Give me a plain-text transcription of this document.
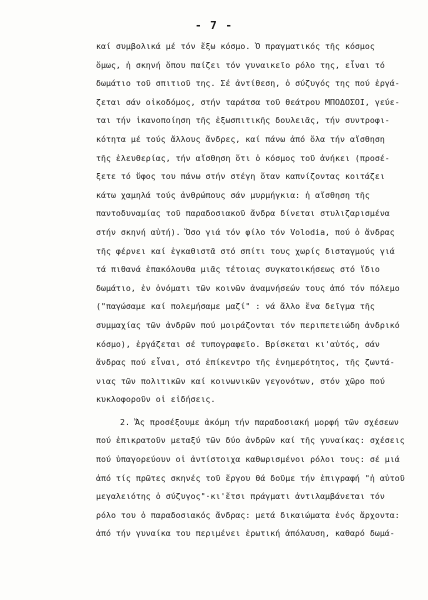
- 7 -
καί συμβολικά μέ τόν ἔξω κόσμο. Ὁ πραγματικός τῆς κόσμος
ὅμως, ἡ σκηνή ὅπου παίζει τόν γυναικεῖο ρόλο της, εἶναι τό
δωμάτιο τοῦ σπιτιοῦ της. Σέ ἀντίθεση, ὁ σύζυγός της πού ἐργά-
ζεται σάν οἰκοδόμος, στήν ταράτσα τοῦ θεάτρου ΜΠΟΔΟΣΟΙ, γεύε-
ται τήν ἱκανοποίηση τῆς ἐξωσπιτικῆς δουλειᾶς, τήν συντροφι-
κότητα μέ τούς ἄλλους ἄνδρες, καί πάνω ἀπό ὅλα τήν αἴσθηση
τῆς ἐλευθερίας, τήν αἴσθηση ὅτι ὁ κόσμος τοῦ ἀνήκει (προσέ-
ξετε τό ὕφος του πάνω στήν στέγη ὅταν καπνίζοντας κοιτάζει
κάτω χαμηλά τούς ἀνθρώπους σάν μυρμήγκια: ἡ αἴσθηση τῆς
παντοδυναμίας τοῦ παραδοσιακοῦ ἄνδρα δίνεται στυλιζαρισμένα
στήν σκηνή αὐτή). Ὅσο γιά τόν φίλο τόν Volodia, πού ὁ ἄνδρας
τῆς φέρνει καί ἐγκαθιστᾶ στό σπίτι τους χωρίς δισταγμούς γιά
τά πιθανά ἐπακόλουθα μιᾶς τέτοιας συγκατοικήσεως στό ἴδιο
δωμάτιο, ἐν ὀνόματι τῶν κοινῶν ἀναμνήσεών τους ἀπό τόν πόλεμο
("παγώσαμε καί πολεμήσαμε μαζί" : νά ἄλλο ἕνα δεῖγμα τῆς
συμμαχίας τῶν ἀνδρῶν πού μοιράζονται τόν περιπετειώδη ἀνδρικό
κόσμο), ἐργάζεται σέ τυπογραφεῖο. Βρίσκεται κι'αὐτός, σάν
ἄνδρας πού εἶναι, στό ἐπίκεντρο τῆς ἐνημερότητος, τῆς ζωντά-
νιας τῶν πολιτικῶν καί κοινωνικῶν γεγονότων, στόν χῶρο πού
κυκλοφοροῦν οἱ εἰδήσεις.
2. Ἄς προσέξουμε ἀκόμη τήν παραδοσιακή μορφή τῶν σχέσεων
πού ἐπικρατοῦν μεταξύ τῶν δύο ἀνδρῶν καί τῆς γυναίκας: σχέσεις
πού ὑπαγορεύουν οἱ ἀντίστοιχα καθωρισμένοι ρόλοι τους: σέ μιά
ἀπό τίς πρῶτες σκηνές τοῦ ἔργου θά δοῦμε τήν ἐπιγραφή "ἡ αὐτοῦ
μεγαλειότης ὁ σύζυγος"·κι'ἔτσι πράγματι ἀντιλαμβάνεται τόν
ρόλο του ὁ παραδοσιακός ἄνδρας: μετά δικαιώματα ἑνός ἄρχοντα:
ἀπό τήν γυναίκα του περιμένει ἐρωτική ἀπόλαυση, καθαρό δωμά-
